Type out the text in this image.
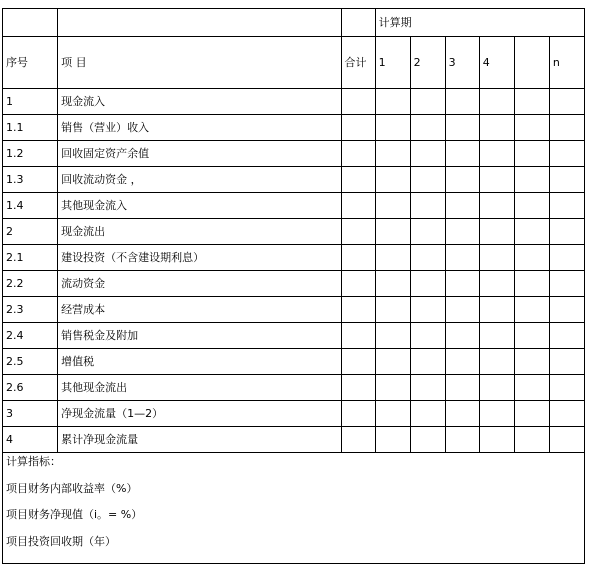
			计算期					
序号	项 目	合计	1	2	3	4		n
1	现金流入							
1.1	销售（营业）收入							
1.2	回收固定资产余值							
1.3	回收流动资金 ，							
1.4	其他现金流入							
2	现金流出							
2.1	建设投资（不含建设期利息）							
2.2	流动资金							
2.3	经营成本							
2.4	销售税金及附加							
2.5	增值税							
2.6	其他现金流出							
3	净现金流量（1—2）							
4	累计净现金流量							

计算指标：
项目财务内部收益率（%）
项目财务净现值（i。= %）
项目投资回收期（年）								
